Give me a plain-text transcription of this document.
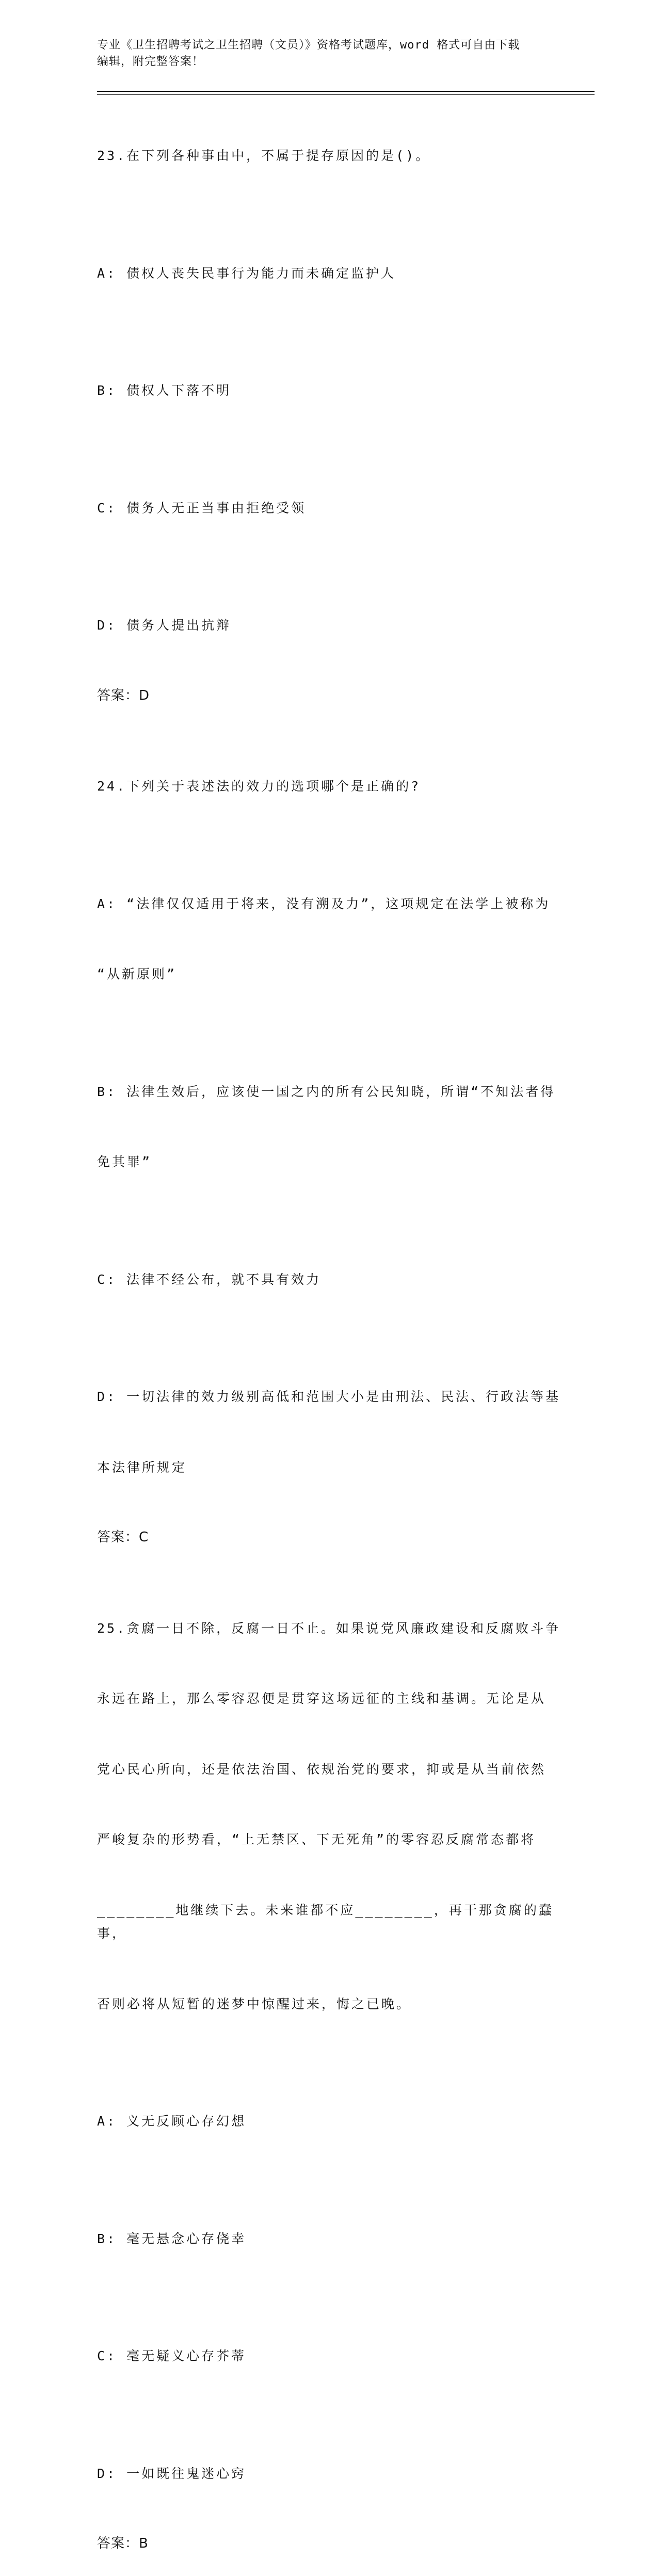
专业《卫生招聘考试之卫生招聘（文员）》资格考试题库，word 格式可自由下载
编辑，附完整答案！

23.在下列各种事由中，不属于提存原因的是()。

A: 债权人丧失民事行为能力而未确定监护人

B: 债权人下落不明

C: 债务人无正当事由拒绝受领

D: 债务人提出抗辩

答案：D

24.下列关于表述法的效力的选项哪个是正确的?

A: “法律仅仅适用于将来，没有溯及力”，这项规定在法学上被称为

“从新原则”

B: 法律生效后，应该使一国之内的所有公民知晓，所谓“不知法者得

免其罪”

C: 法律不经公布，就不具有效力

D: 一切法律的效力级别高低和范围大小是由刑法、民法、行政法等基

本法律所规定

答案：C

25.贪腐一日不除，反腐一日不止。如果说党风廉政建设和反腐败斗争

永远在路上，那么零容忍便是贯穿这场远征的主线和基调。无论是从

党心民心所向，还是依法治国、依规治党的要求，抑或是从当前依然

严峻复杂的形势看，“上无禁区、下无死角”的零容忍反腐常态都将

________地继续下去。未来谁都不应________，再干那贪腐的蠢事，

否则必将从短暂的迷梦中惊醒过来，悔之已晚。

A: 义无反顾心存幻想

B: 毫无悬念心存侥幸

C: 毫无疑义心存芥蒂

D: 一如既往鬼迷心窍

答案：B
